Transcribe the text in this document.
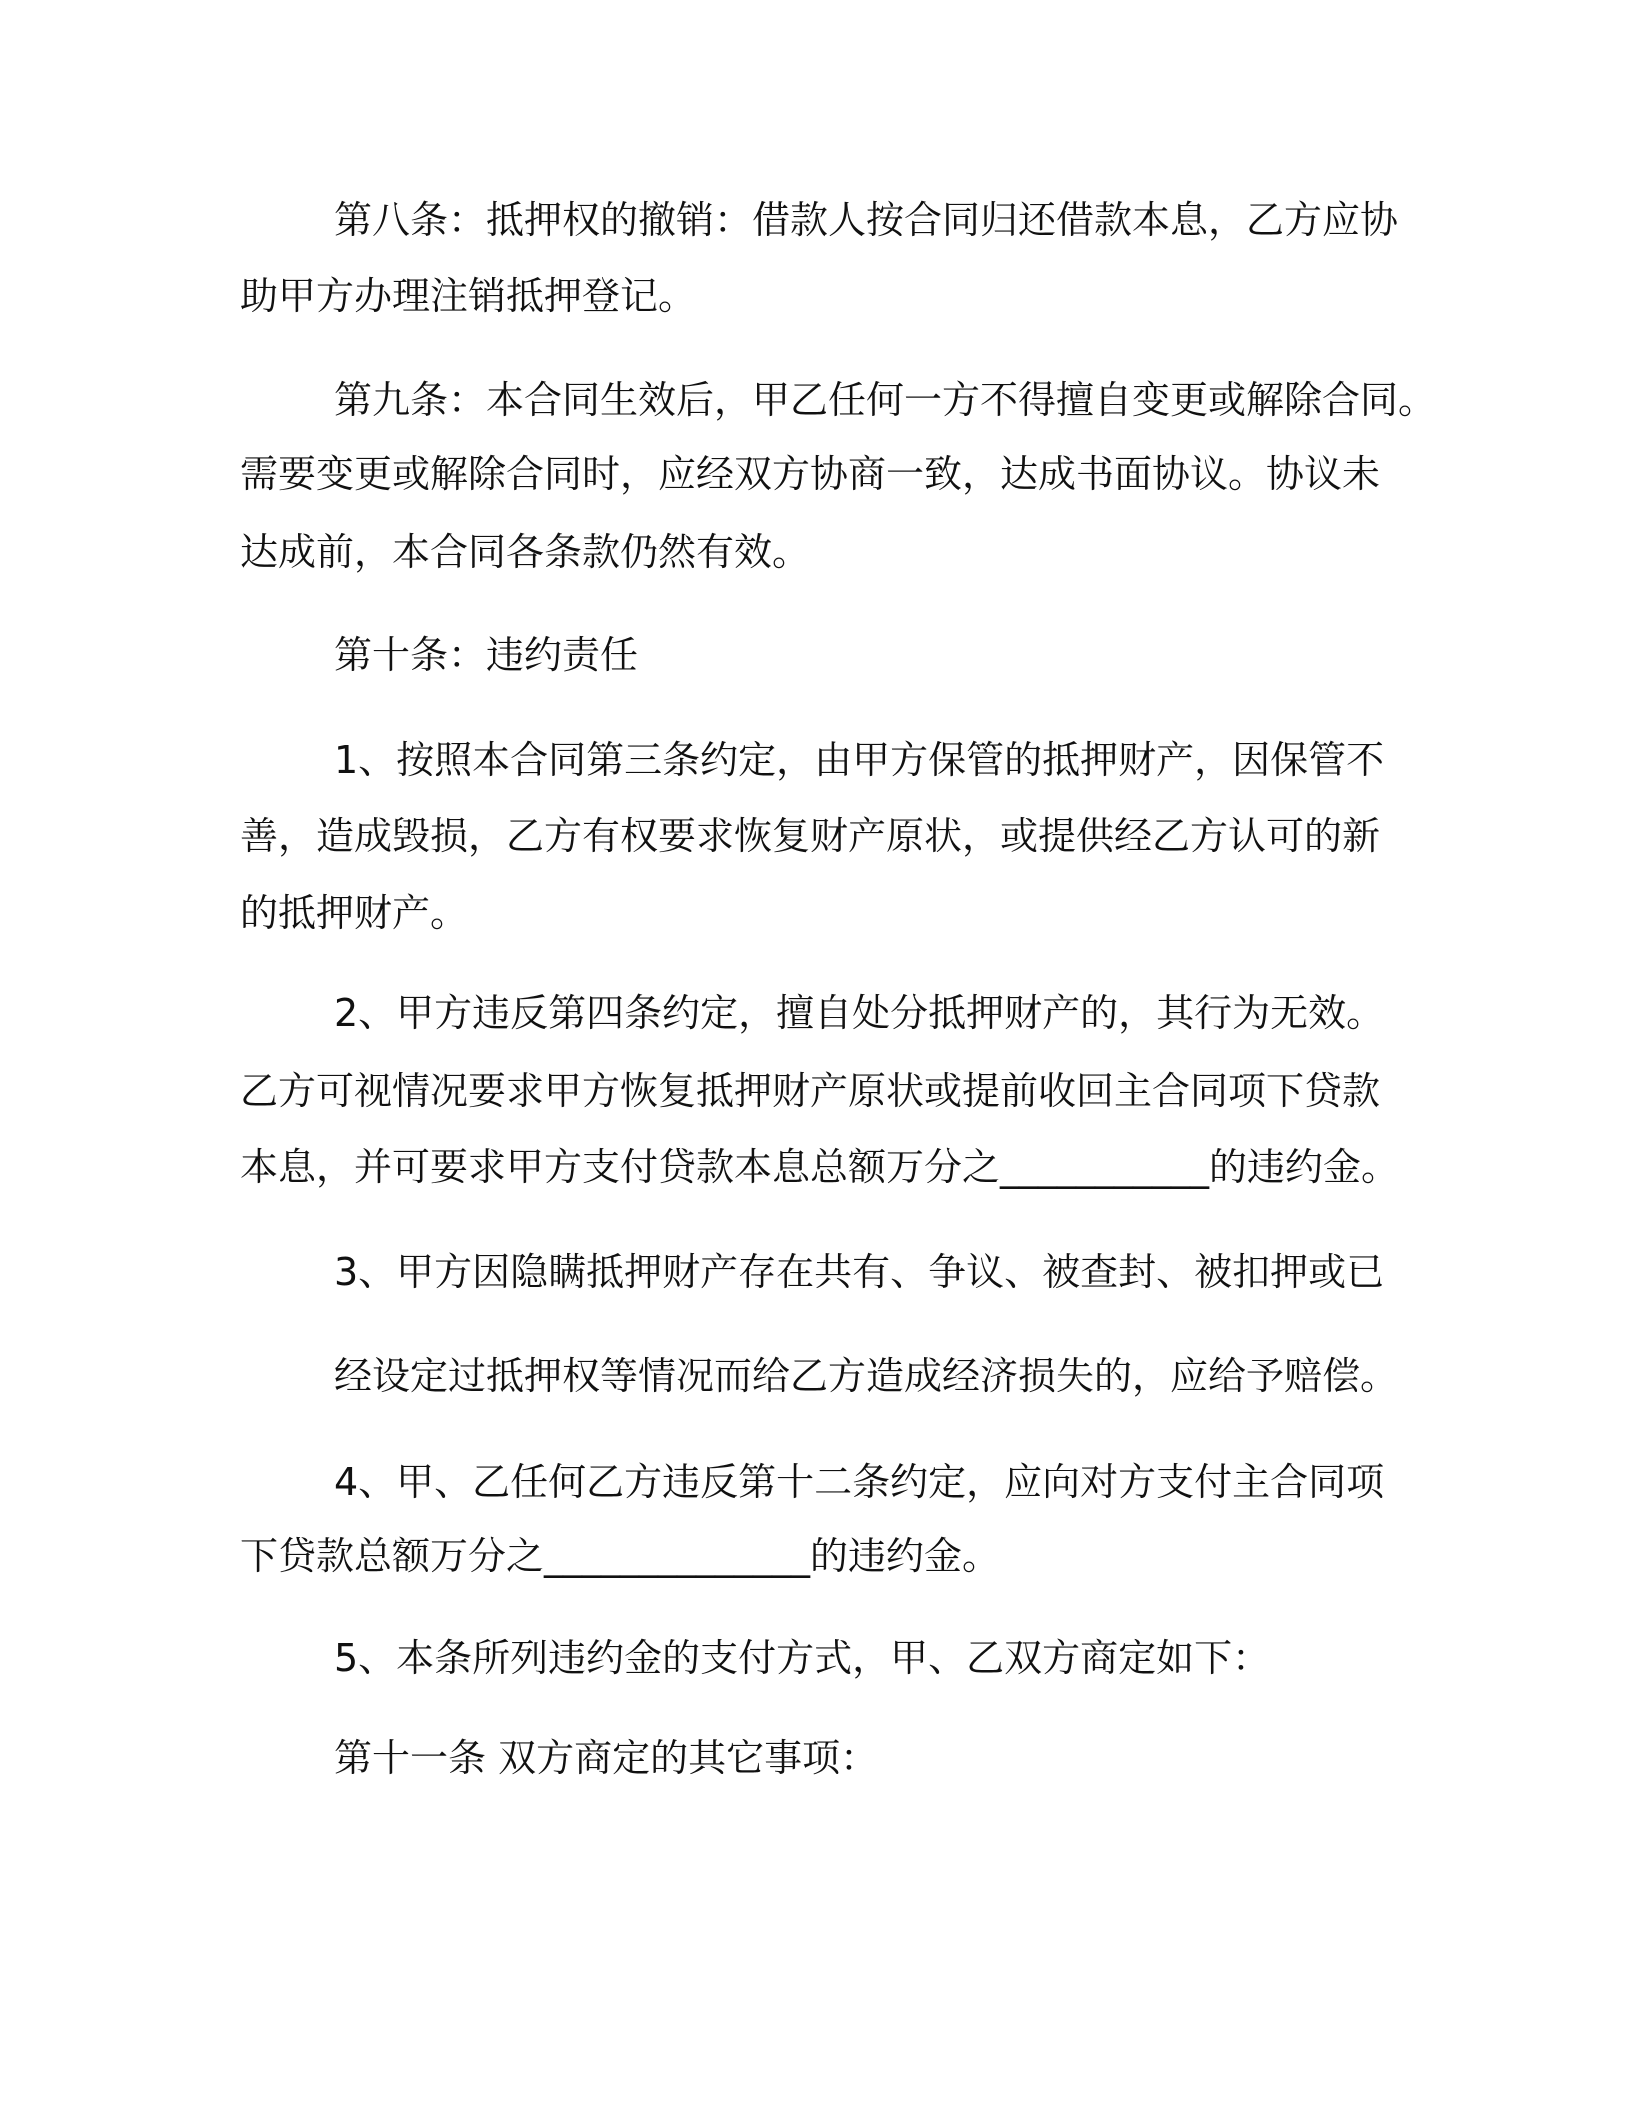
第八条：抵押权的撤销：借款人按合同归还借款本息，乙方应协
助甲方办理注销抵押登记。
第九条：本合同生效后，甲乙任何一方不得擅自变更或解除合同。
需要变更或解除合同时，应经双方协商一致，达成书面协议。协议未
达成前，本合同各条款仍然有效。
第十条：违约责任
1、按照本合同第三条约定，由甲方保管的抵押财产，因保管不
善，造成毁损，乙方有权要求恢复财产原状，或提供经乙方认可的新
的抵押财产。
2、甲方违反第四条约定，擅自处分抵押财产的，其行为无效。
乙方可视情况要求甲方恢复抵押财产原状或提前收回主合同项下贷款
本息，并可要求甲方支付贷款本息总额万分之___________的违约金。
3、甲方因隐瞒抵押财产存在共有、争议、被查封、被扣押或已
经设定过抵押权等情况而给乙方造成经济损失的，应给予赔偿。
4、甲、乙任何乙方违反第十二条约定，应向对方支付主合同项
下贷款总额万分之______________的违约金。
5、本条所列违约金的支付方式，甲、乙双方商定如下：
第十一条 双方商定的其它事项：
